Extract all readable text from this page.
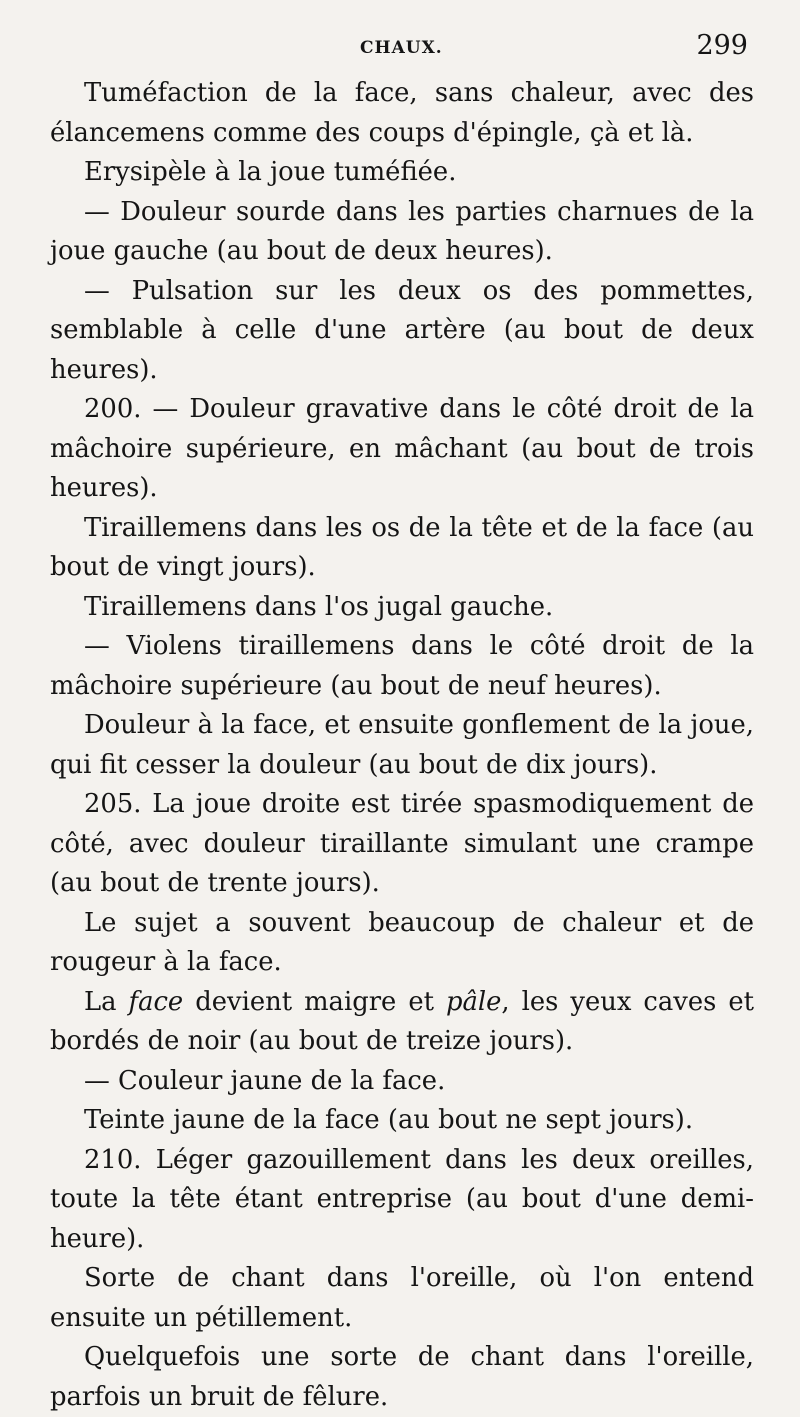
CHAUX.	299

Tuméfaction de la face, sans chaleur, avec des élancemens comme des coups d'épingle, çà et là.

Erysipèle à la joue tuméfiée.

— Douleur sourde dans les parties charnues de la joue gauche (au bout de deux heures).

— Pulsation sur les deux os des pommettes, semblable à celle d'une artère (au bout de deux heures).

200. — Douleur gravative dans le côté droit de la mâchoire supérieure, en mâchant (au bout de trois heures).

Tiraillemens dans les os de la tête et de la face (au bout de vingt jours).

Tiraillemens dans l'os jugal gauche.

— Violens tiraillemens dans le côté droit de la mâchoire supérieure (au bout de neuf heures).

Douleur à la face, et ensuite gonflement de la joue, qui fit cesser la douleur (au bout de dix jours).

205. La joue droite est tirée spasmodiquement de côté, avec douleur tiraillante simulant une crampe (au bout de trente jours).

Le sujet a souvent beaucoup de chaleur et de rougeur à la face.

La face devient maigre et pâle, les yeux caves et bordés de noir (au bout de treize jours).

— Couleur jaune de la face.

Teinte jaune de la face (au bout ne sept jours).

210. Léger gazouillement dans les deux oreilles, toute la tête étant entreprise (au bout d'une demi-heure).

Sorte de chant dans l'oreille, où l'on entend ensuite un pétillement.

Quelquefois une sorte de chant dans l'oreille, parfois un bruit de fêlure.
